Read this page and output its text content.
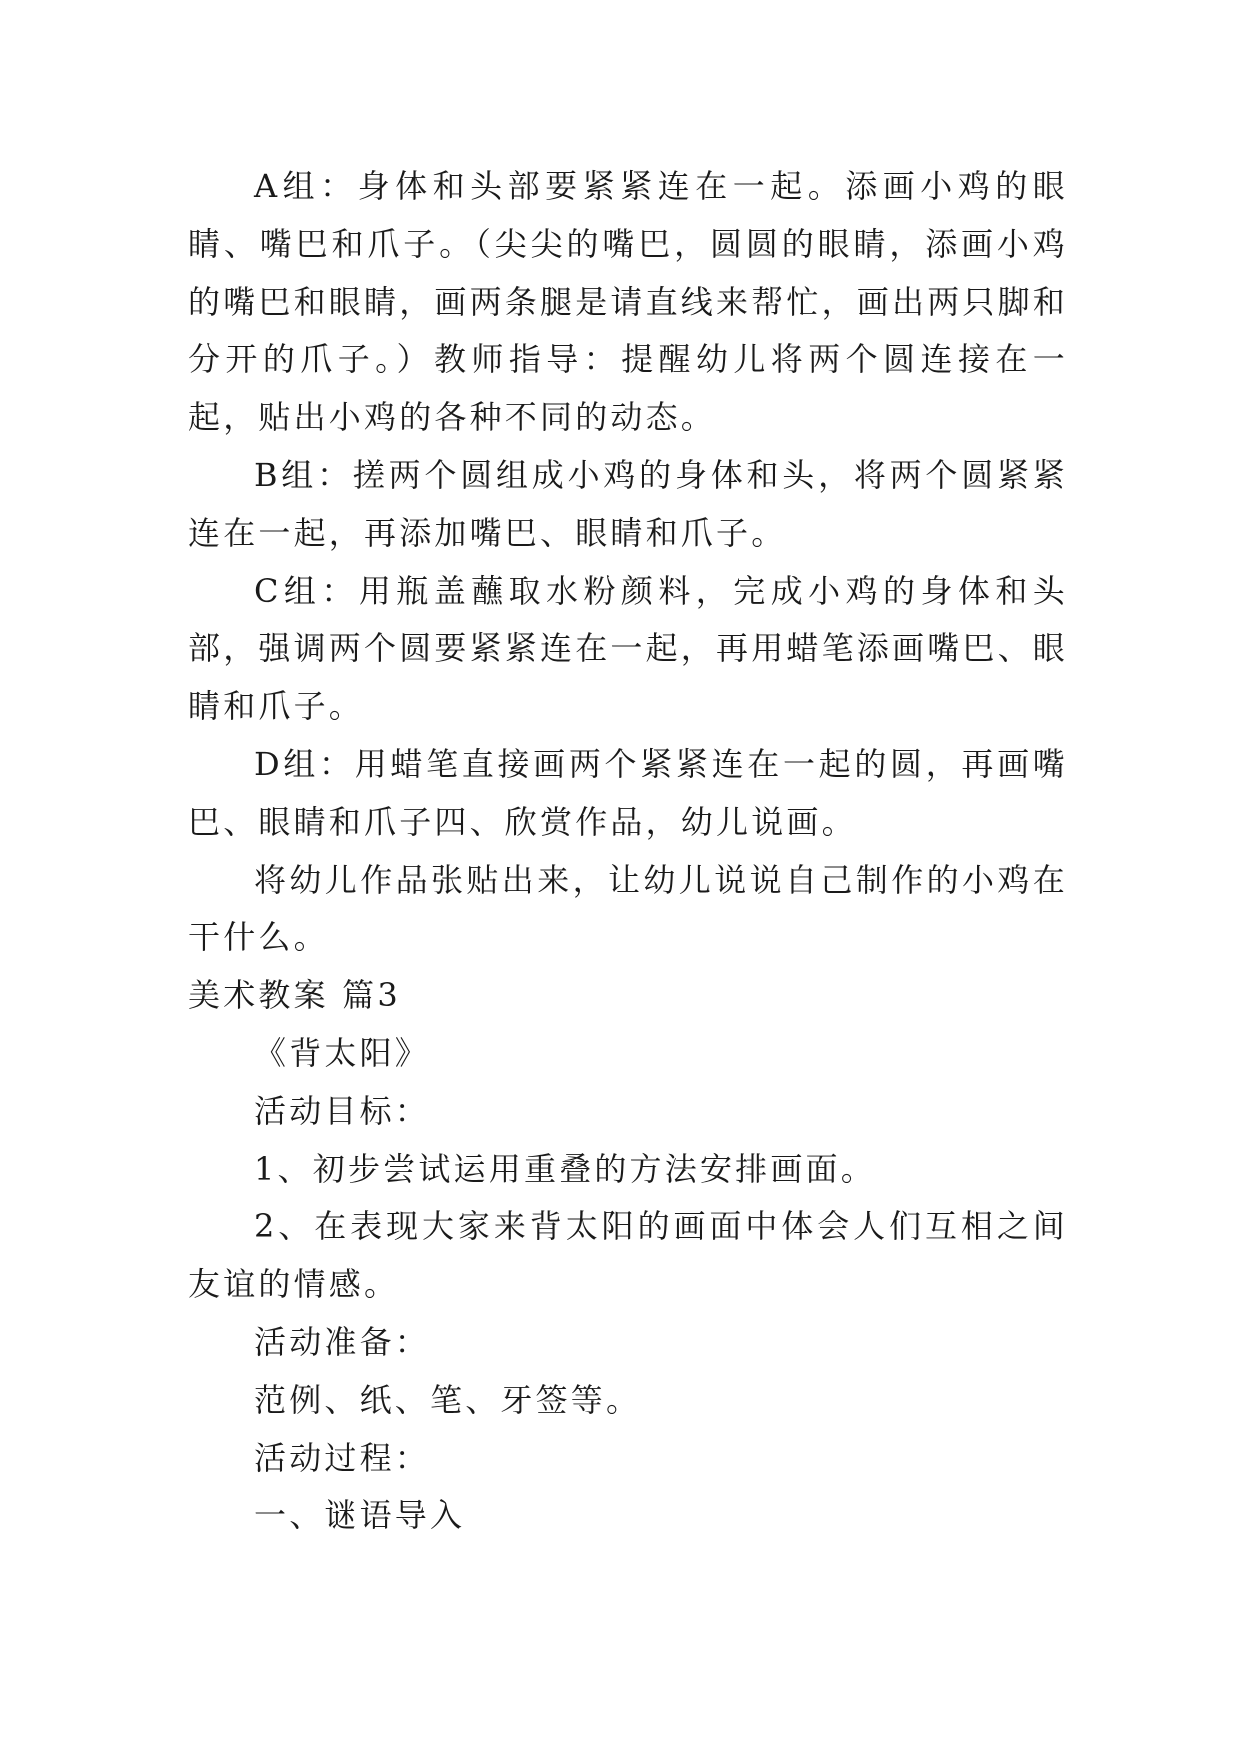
A组：身体和头部要紧紧连在一起。添画小鸡的眼睛、嘴巴和爪子。（尖尖的嘴巴，圆圆的眼睛，添画小鸡的嘴巴和眼睛，画两条腿是请直线来帮忙，画出两只脚和分开的爪子。）教师指导：提醒幼儿将两个圆连接在一起，贴出小鸡的各种不同的动态。

B组：搓两个圆组成小鸡的身体和头，将两个圆紧紧连在一起，再添加嘴巴、眼睛和爪子。

C组：用瓶盖蘸取水粉颜料，完成小鸡的身体和头部，强调两个圆要紧紧连在一起，再用蜡笔添画嘴巴、眼睛和爪子。

D组：用蜡笔直接画两个紧紧连在一起的圆，再画嘴巴、眼睛和爪子四、欣赏作品，幼儿说画。

将幼儿作品张贴出来，让幼儿说说自己制作的小鸡在干什么。

美术教案 篇3

《背太阳》

活动目标：

1、初步尝试运用重叠的方法安排画面。

2、在表现大家来背太阳的画面中体会人们互相之间友谊的情感。

活动准备：

范例、纸、笔、牙签等。

活动过程：

一、谜语导入
